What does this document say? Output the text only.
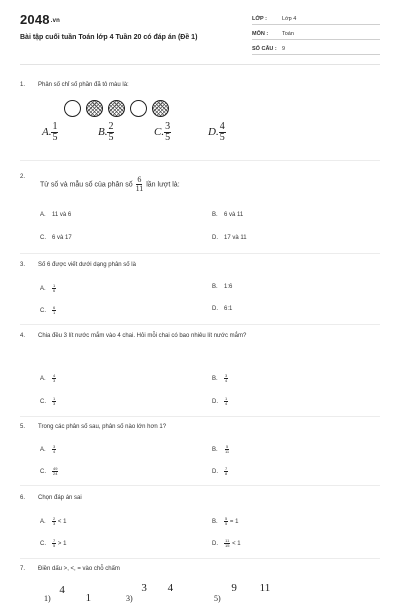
2048.vn
Bài tập cuối tuần Toán lớp 4 Tuần 20 có đáp án (Đề 1)
LỚP :	Lớp 4
MÔN :	Toán
SỐ CÂU : 9
1. Phân số chỉ số phần đã tô màu là:
A. $\frac{1}{5}$	B. $\frac{2}{5}$	C. $\frac{3}{5}$	D. $\frac{4}{5}$
2.
Tử số và mẫu số của phân số $\frac{6}{11}$ lần lượt là:
A. 11 và 6	B. 6 và 11
C. 6 và 17	D. 17 và 11
3. Số 6 được viết dưới dạng phân số là
A. $\frac{1}{6}$	B. 1:6
C. $\frac{6}{1}$	D. 6:1
4. Chia đều 3 lít nước mắm vào 4 chai. Hỏi mỗi chai có bao nhiêu lít nước mắm?
A. $\frac{4}{3}$	B. $\frac{3}{4}$
C. $\frac{1}{3}$	D. $\frac{1}{4}$
5. Trong các phân số sau, phân số nào lớn hơn 1?
A. $\frac{3}{4}$	B. $\frac{5}{11}$
C. $\frac{49}{24}$	D. $\frac{7}{8}$
6. Chọn đáp án sai
A. $\frac{2}{3} < 1$	B. $\frac{5}{5} = 1$
C. $\frac{7}{5} > 1$	D. $\frac{11}{15} < 1$
7. Điền dấu >, <, = vào chỗ chấm
$_{1)}$ 4 1	$_{3)}$ 3 4
$_{5)}$ 9 11
